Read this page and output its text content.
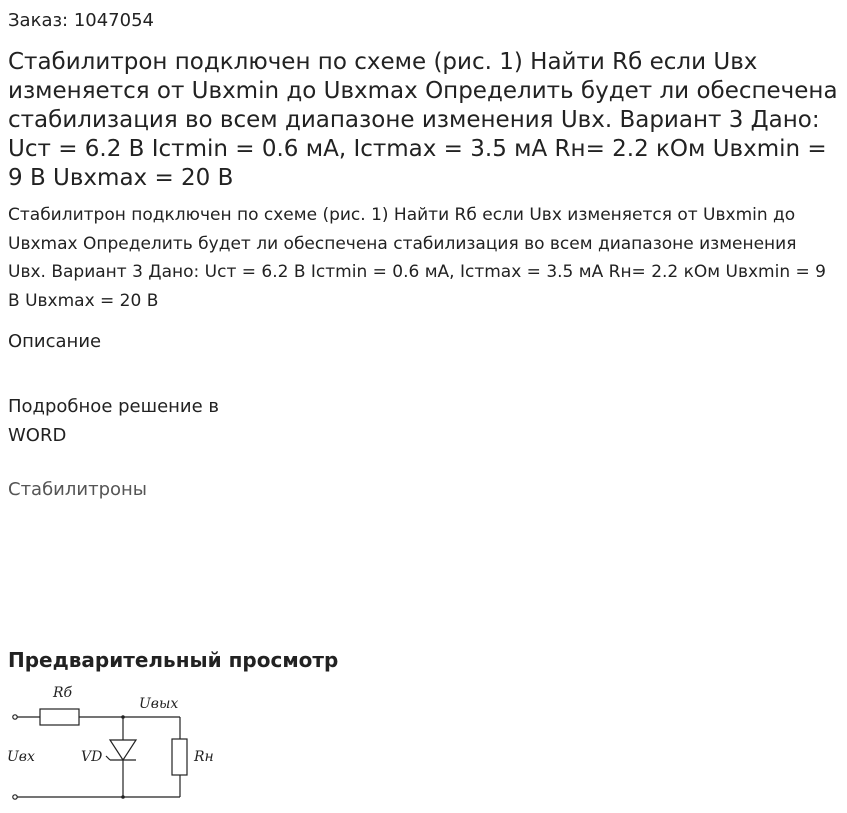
Заказ: 1047054
Стабилитрон подключен по схеме (рис. 1) Найти Rб если Uвх изменяется от Uвхmin до Uвхmax Определить будет ли обеспечена стабилизация во всем диапазоне изменения Uвх. Вариант 3 Дано: Uст = 6.2 В Iстmin = 0.6 мА, Iстmax = 3.5 мА Rн= 2.2 кОм Uвхmin = 9 В Uвхmax = 20 В

Стабилитрон подключен по схеме (рис. 1) Найти Rб если Uвх изменяется от Uвхmin до Uвхmax Определить будет ли обеспечена стабилизация во всем диапазоне изменения Uвх. Вариант 3 Дано: Uст = 6.2 В Iстmin = 0.6 мА, Iстmax = 3.5 мА Rн= 2.2 кОм Uвхmin = 9 В Uвхmax = 20 В

Описание
Подробное решение в WORD
Стабилитроны
Предварительный просмотр
Rб
Uвых
Uвх	VD	Rн
